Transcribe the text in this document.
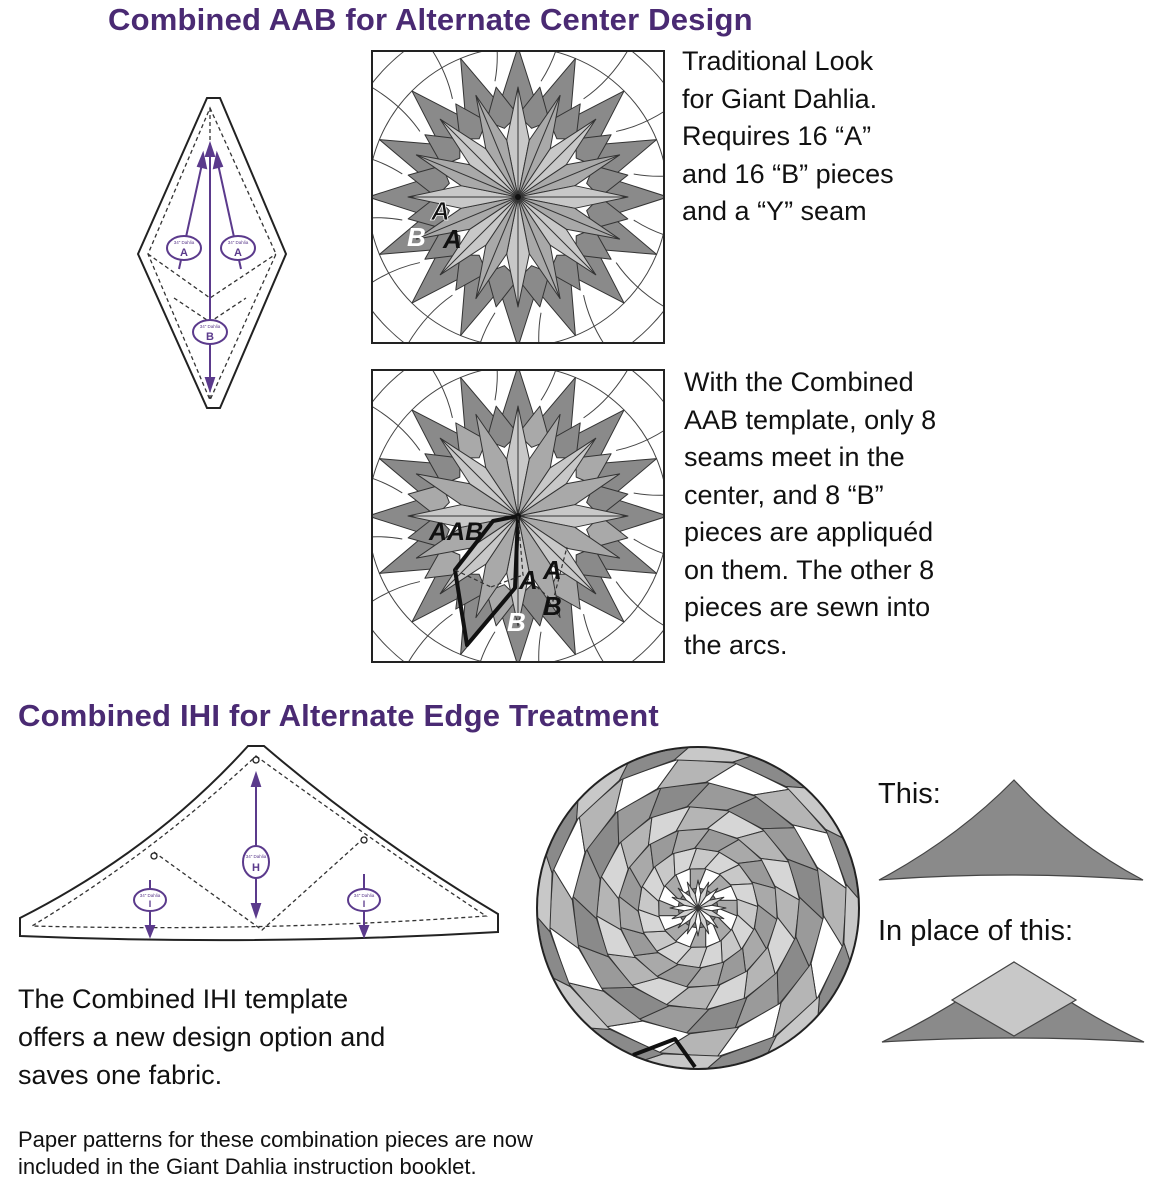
Combined AAB for Alternate Center Design
34" Dahlia	34" Dahlia
34" Dahlia
A	A
B
A
B A
Traditional Look
for Giant Dahlia.
Requires 16 “A”
and 16 “B” pieces
and a “Y” seam
AAB
A A
B
B
With the Combined
AAB template, only 8
seams meet in the
center, and 8 “B”
pieces are appliquéd
on them. The other 8
pieces are sewn into
the arcs.
Combined IHI for Alternate Edge Treatment
34" Dahlia
34" Dahlia	34" Dahlia
H
I	I
This:
In place of this:
The Combined IHI template
offers a new design option and
saves one fabric.
Paper patterns for these combination pieces are now
included in the Giant Dahlia instruction booklet.
